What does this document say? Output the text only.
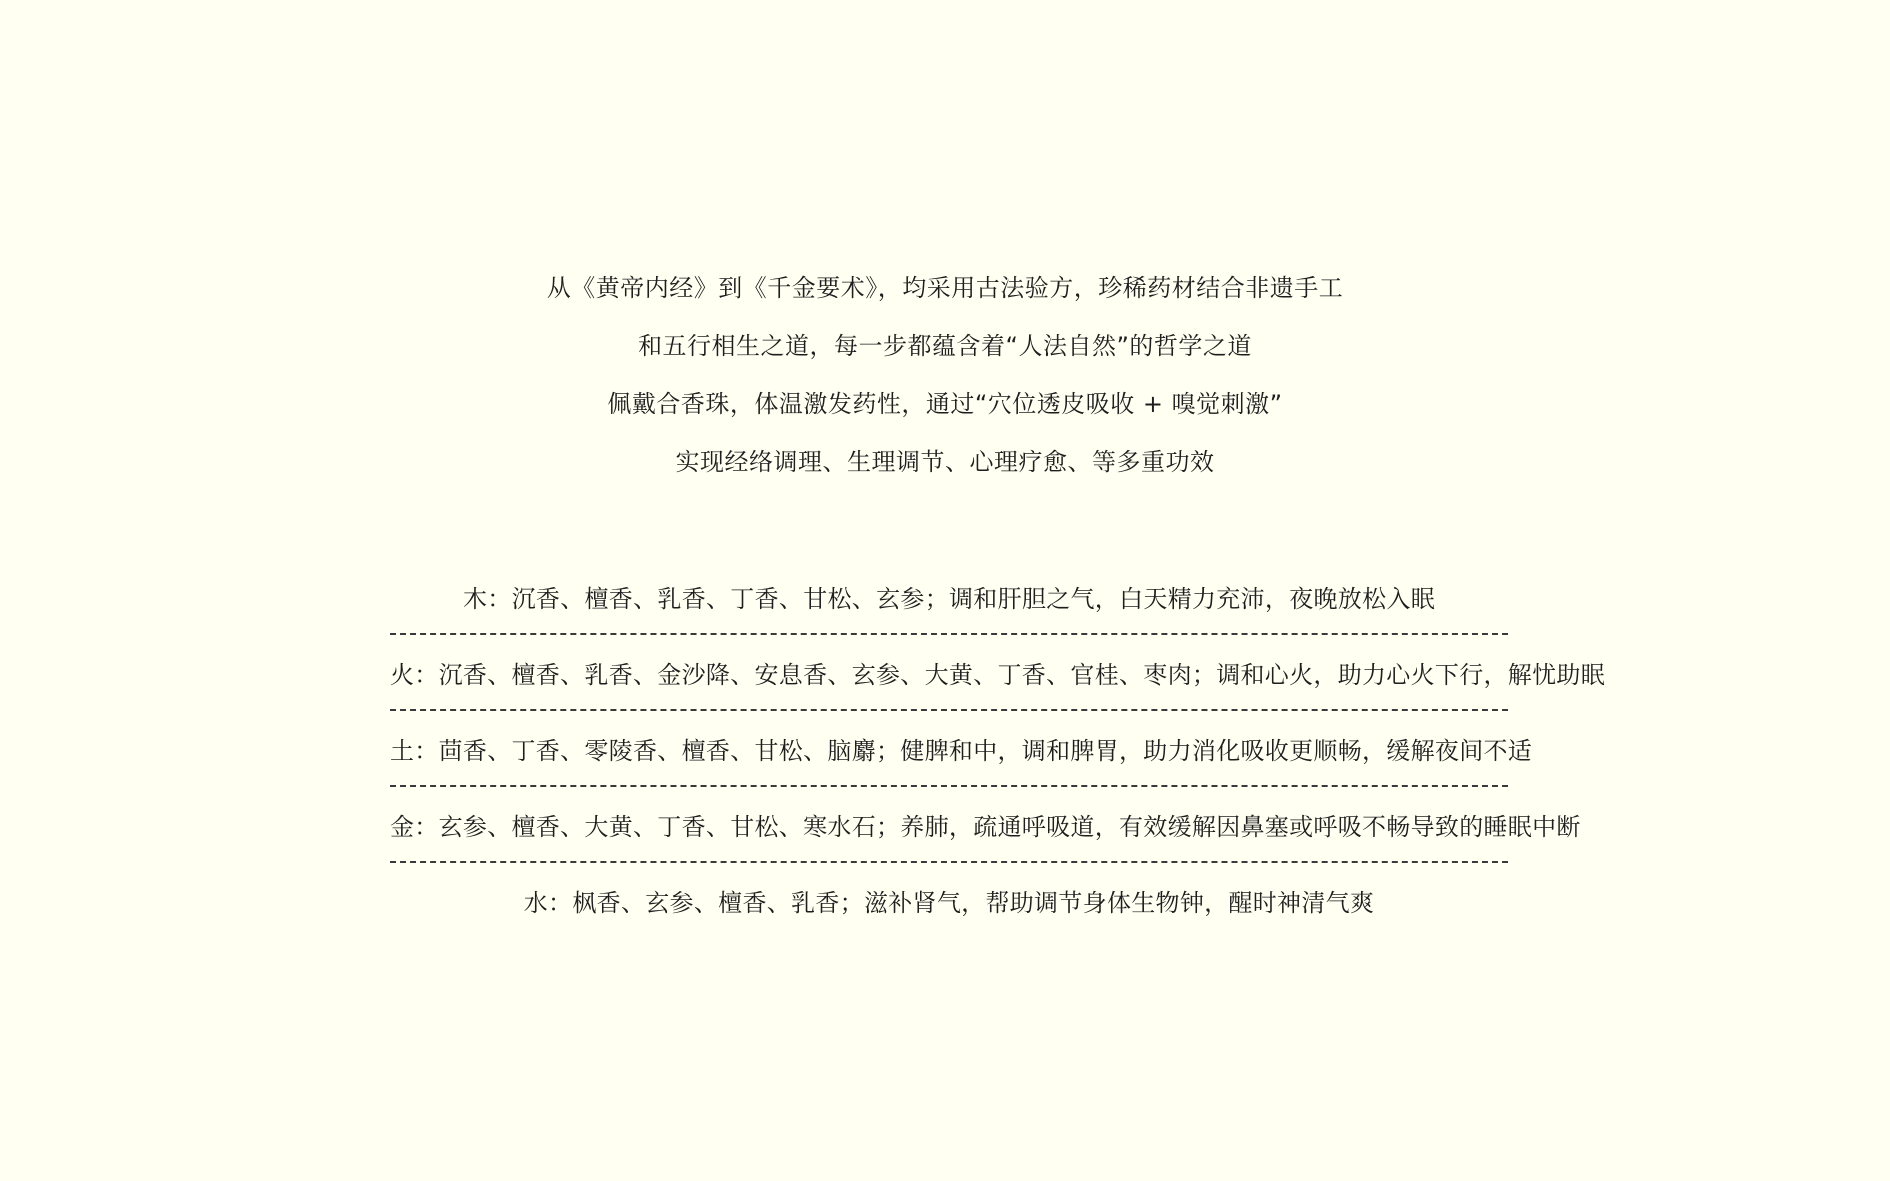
从《黄帝内经》到《千金要术》，均采用古法验方，珍稀药材结合非遗手工

和五行相生之道，每一步都蕴含着“人法自然”的哲学之道

佩戴合香珠，体温激发药性，通过“穴位透皮吸收 + 嗅觉刺激”

实现经络调理、生理调节、心理疗愈、等多重功效

木：沉香、檀香、乳香、丁香、甘松、玄参；调和肝胆之气，白天精力充沛，夜晚放松入眠
火：沉香、檀香、乳香、金沙降、安息香、玄参、大黄、丁香、官桂、枣肉；调和心火，助力心火下行，解忧助眠
土：茴香、丁香、零陵香、檀香、甘松、脑麝；健脾和中，调和脾胃，助力消化吸收更顺畅，缓解夜间不适
金：玄参、檀香、大黄、丁香、甘松、寒水石；养肺，疏通呼吸道，有效缓解因鼻塞或呼吸不畅导致的睡眠中断
水：枫香、玄参、檀香、乳香；滋补肾气，帮助调节身体生物钟，醒时神清气爽
